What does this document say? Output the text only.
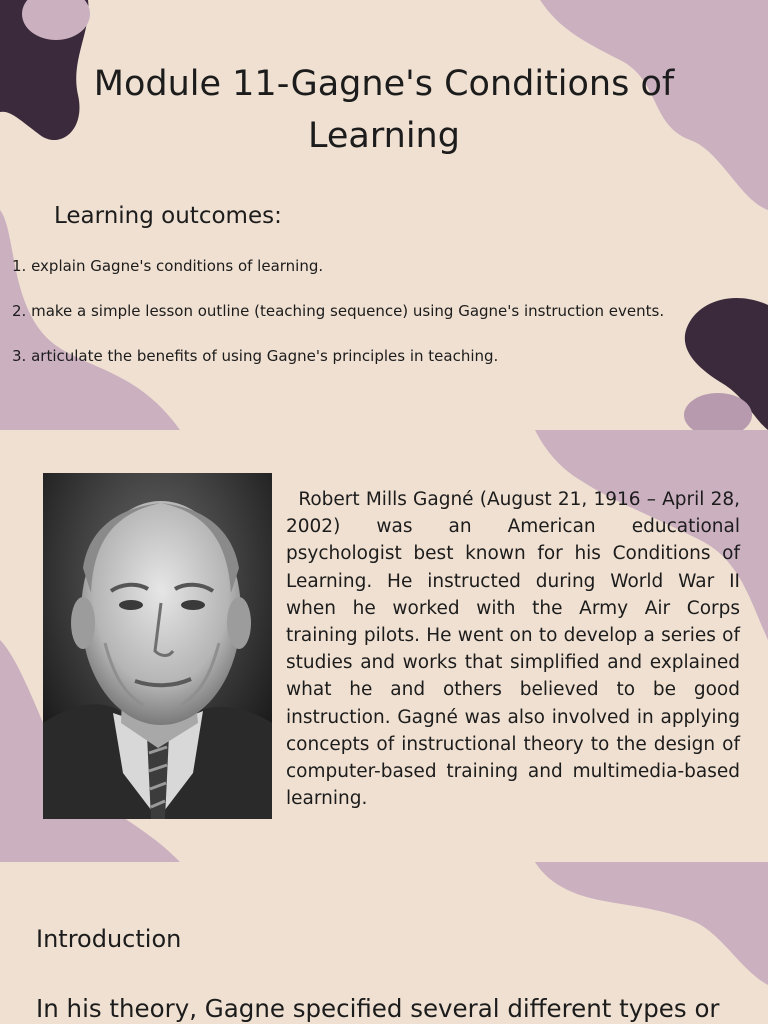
Module 11-Gagne's Conditions of Learning
Learning outcomes:
1. explain Gagne's conditions of learning.
2. make a simple lesson outline (teaching sequence) using Gagne's instruction events.
3. articulate the benefits of using Gagne's principles in teaching.
Robert Mills Gagné (August 21, 1916 – April 28, 2002) was an American educational psychologist best known for his Conditions of Learning. He instructed during World War II when he worked with the Army Air Corps training pilots. He went on to develop a series of studies and works that simplified and explained what he and others believed to be good instruction. Gagné was also involved in applying concepts of instructional theory to the design of computer-based training and multimedia-based learning.
Introduction
In his theory, Gagne specified several different types or
